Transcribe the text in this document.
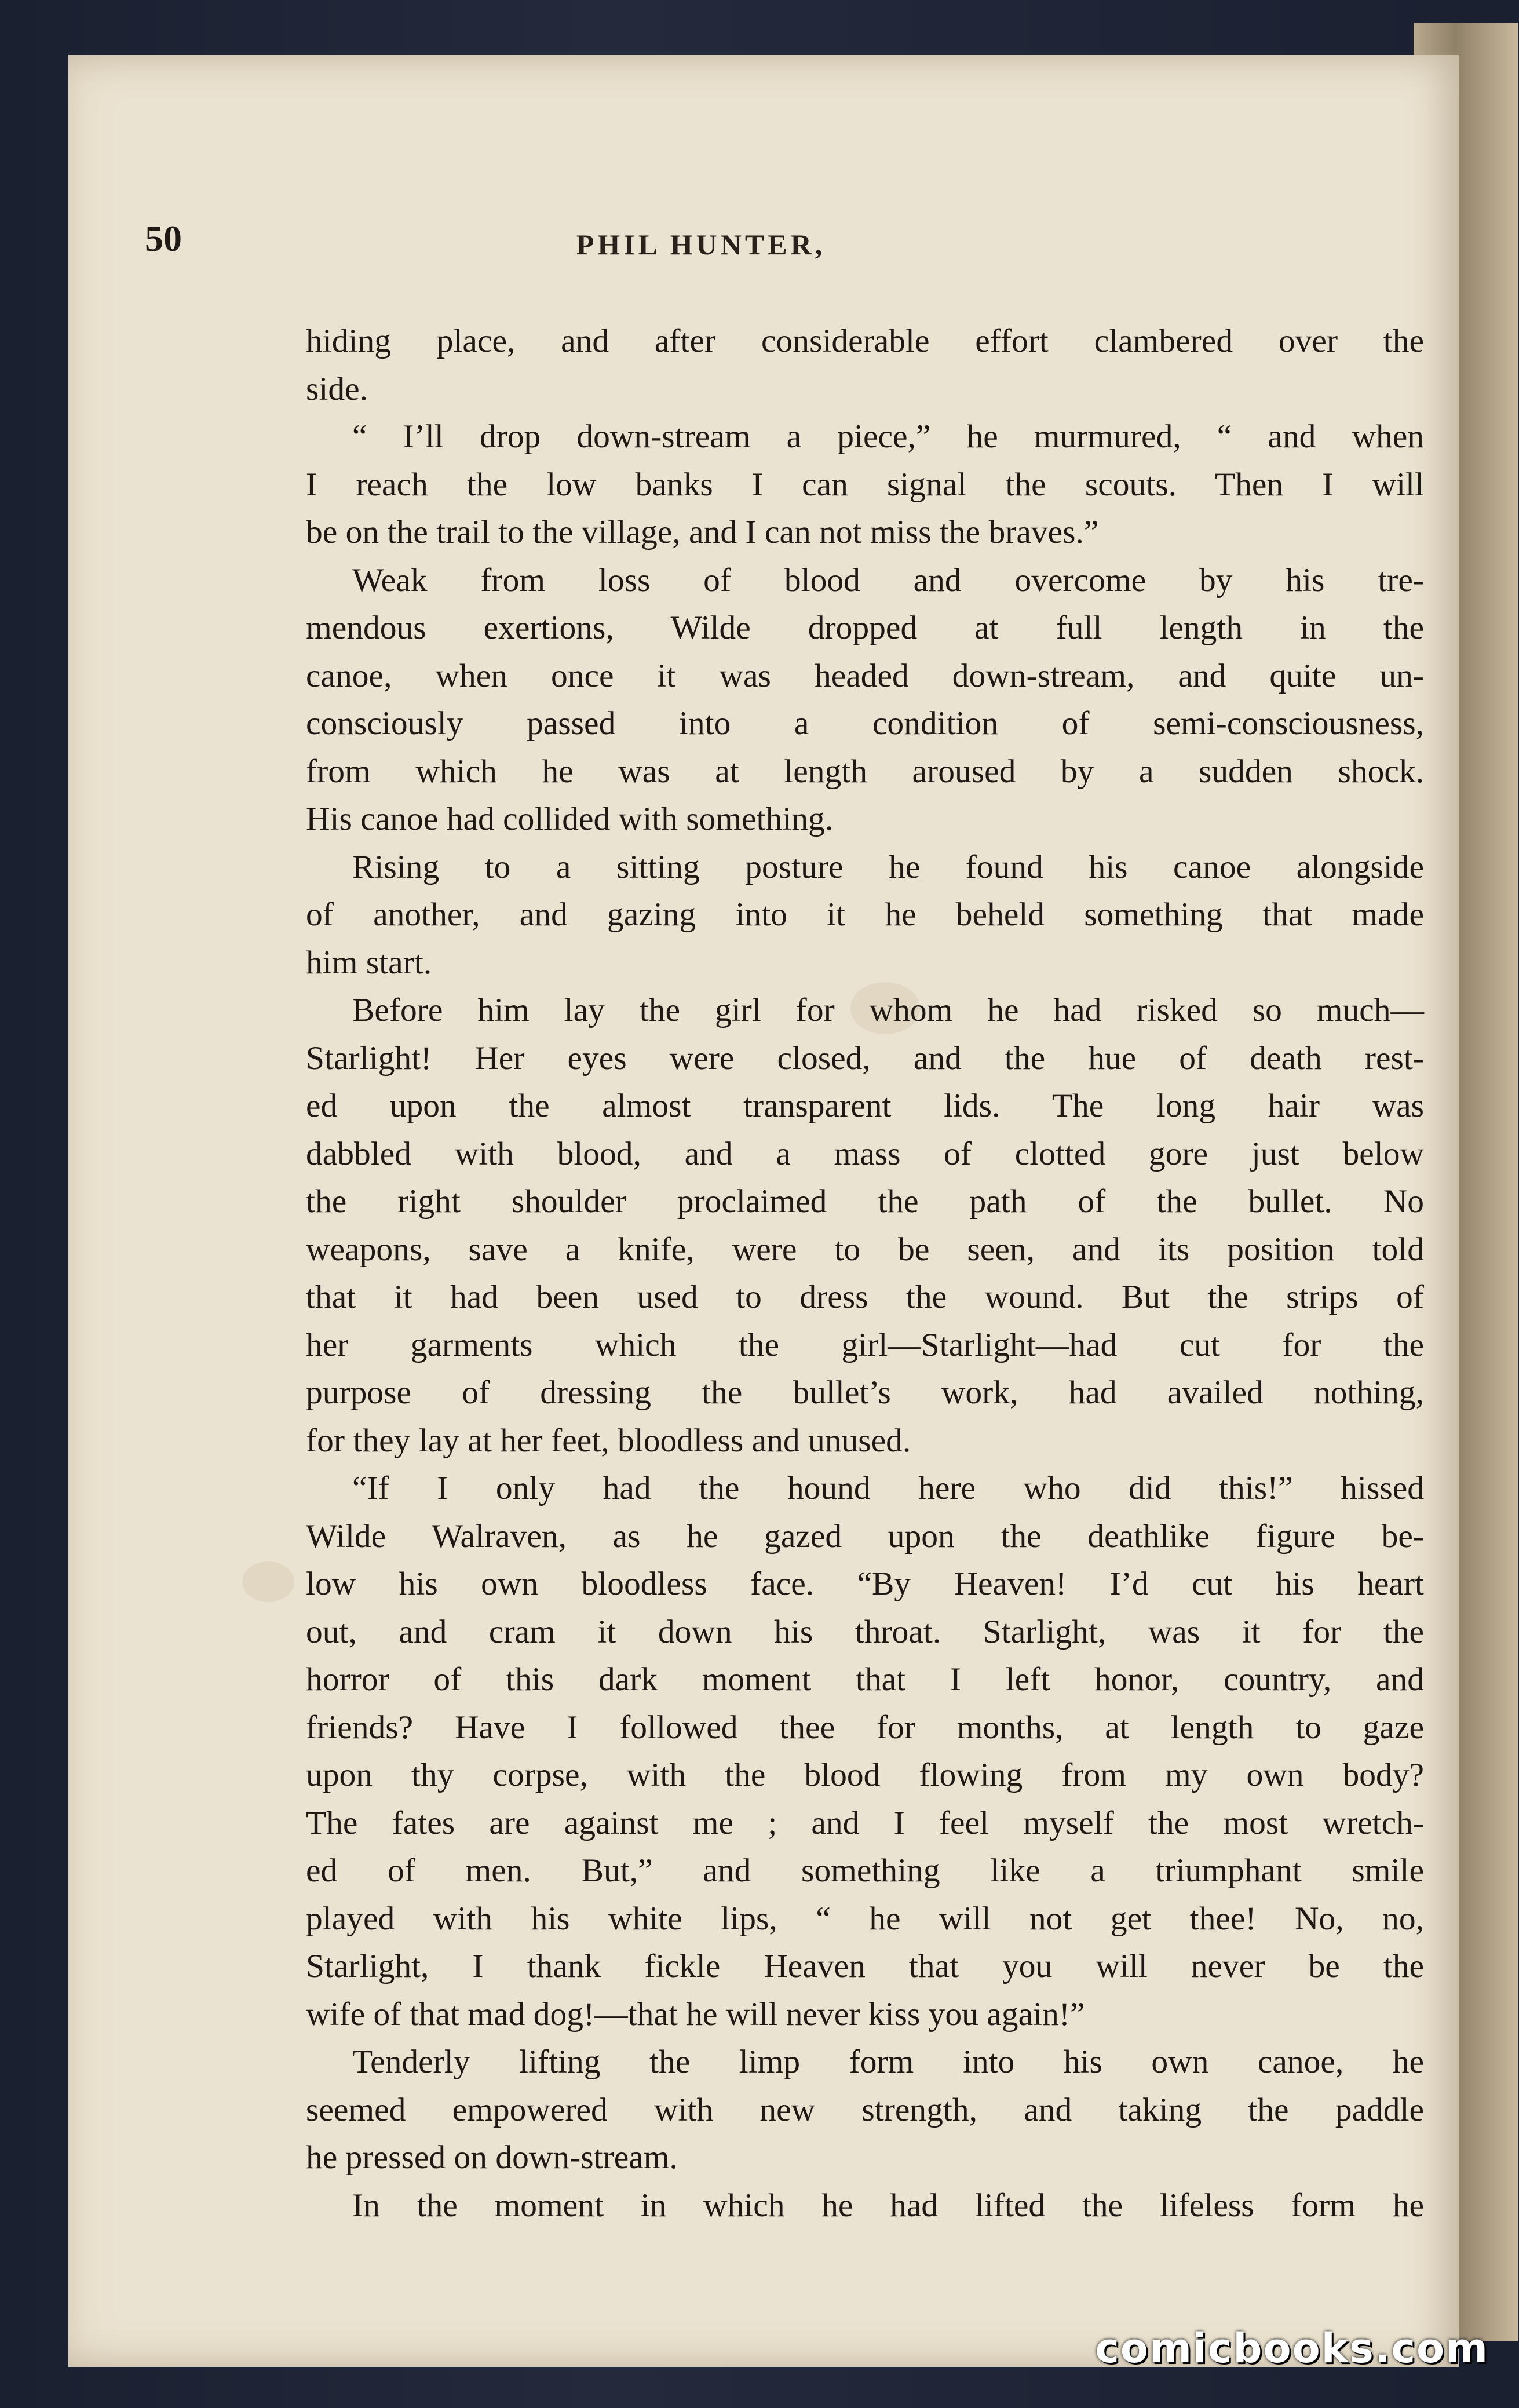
50	PHIL HUNTER,
hiding place, and after considerable effort clambered over the
side.
“ I’ll drop down-stream a piece,” he murmured, “ and when
I reach the low banks I can signal the scouts. Then I will
be on the trail to the village, and I can not miss the braves.”
Weak from loss of blood and overcome by his tre-
mendous exertions, Wilde dropped at full length in the
canoe, when once it was headed down-stream, and quite un-
consciously passed into a condition of semi-consciousness,
from which he was at length aroused by a sudden shock.
His canoe had collided with something.
Rising to a sitting posture he found his canoe alongside
of another, and gazing into it he beheld something that made
him start.
Before him lay the girl for whom he had risked so much—
Starlight! Her eyes were closed, and the hue of death rest-
ed upon the almost transparent lids. The long hair was
dabbled with blood, and a mass of clotted gore just below
the right shoulder proclaimed the path of the bullet. No
weapons, save a knife, were to be seen, and its position told
that it had been used to dress the wound. But the strips of
her garments which the girl—Starlight—had cut for the
purpose of dressing the bullet’s work, had availed nothing,
for they lay at her feet, bloodless and unused.
“If I only had the hound here who did this!” hissed
Wilde Walraven, as he gazed upon the deathlike figure be-
low his own bloodless face. “By Heaven! I’d cut his heart
out, and cram it down his throat. Starlight, was it for the
horror of this dark moment that I left honor, country, and
friends? Have I followed thee for months, at length to gaze
upon thy corpse, with the blood flowing from my own body?
The fates are against me ; and I feel myself the most wretch-
ed of men. But,” and something like a triumphant smile
played with his white lips, “ he will not get thee! No, no,
Starlight, I thank fickle Heaven that you will never be the
wife of that mad dog!—that he will never kiss you again!”
Tenderly lifting the limp form into his own canoe, he
seemed empowered with new strength, and taking the paddle
he pressed on down-stream.
In the moment in which he had lifted the lifeless form he
comicbooks.com
